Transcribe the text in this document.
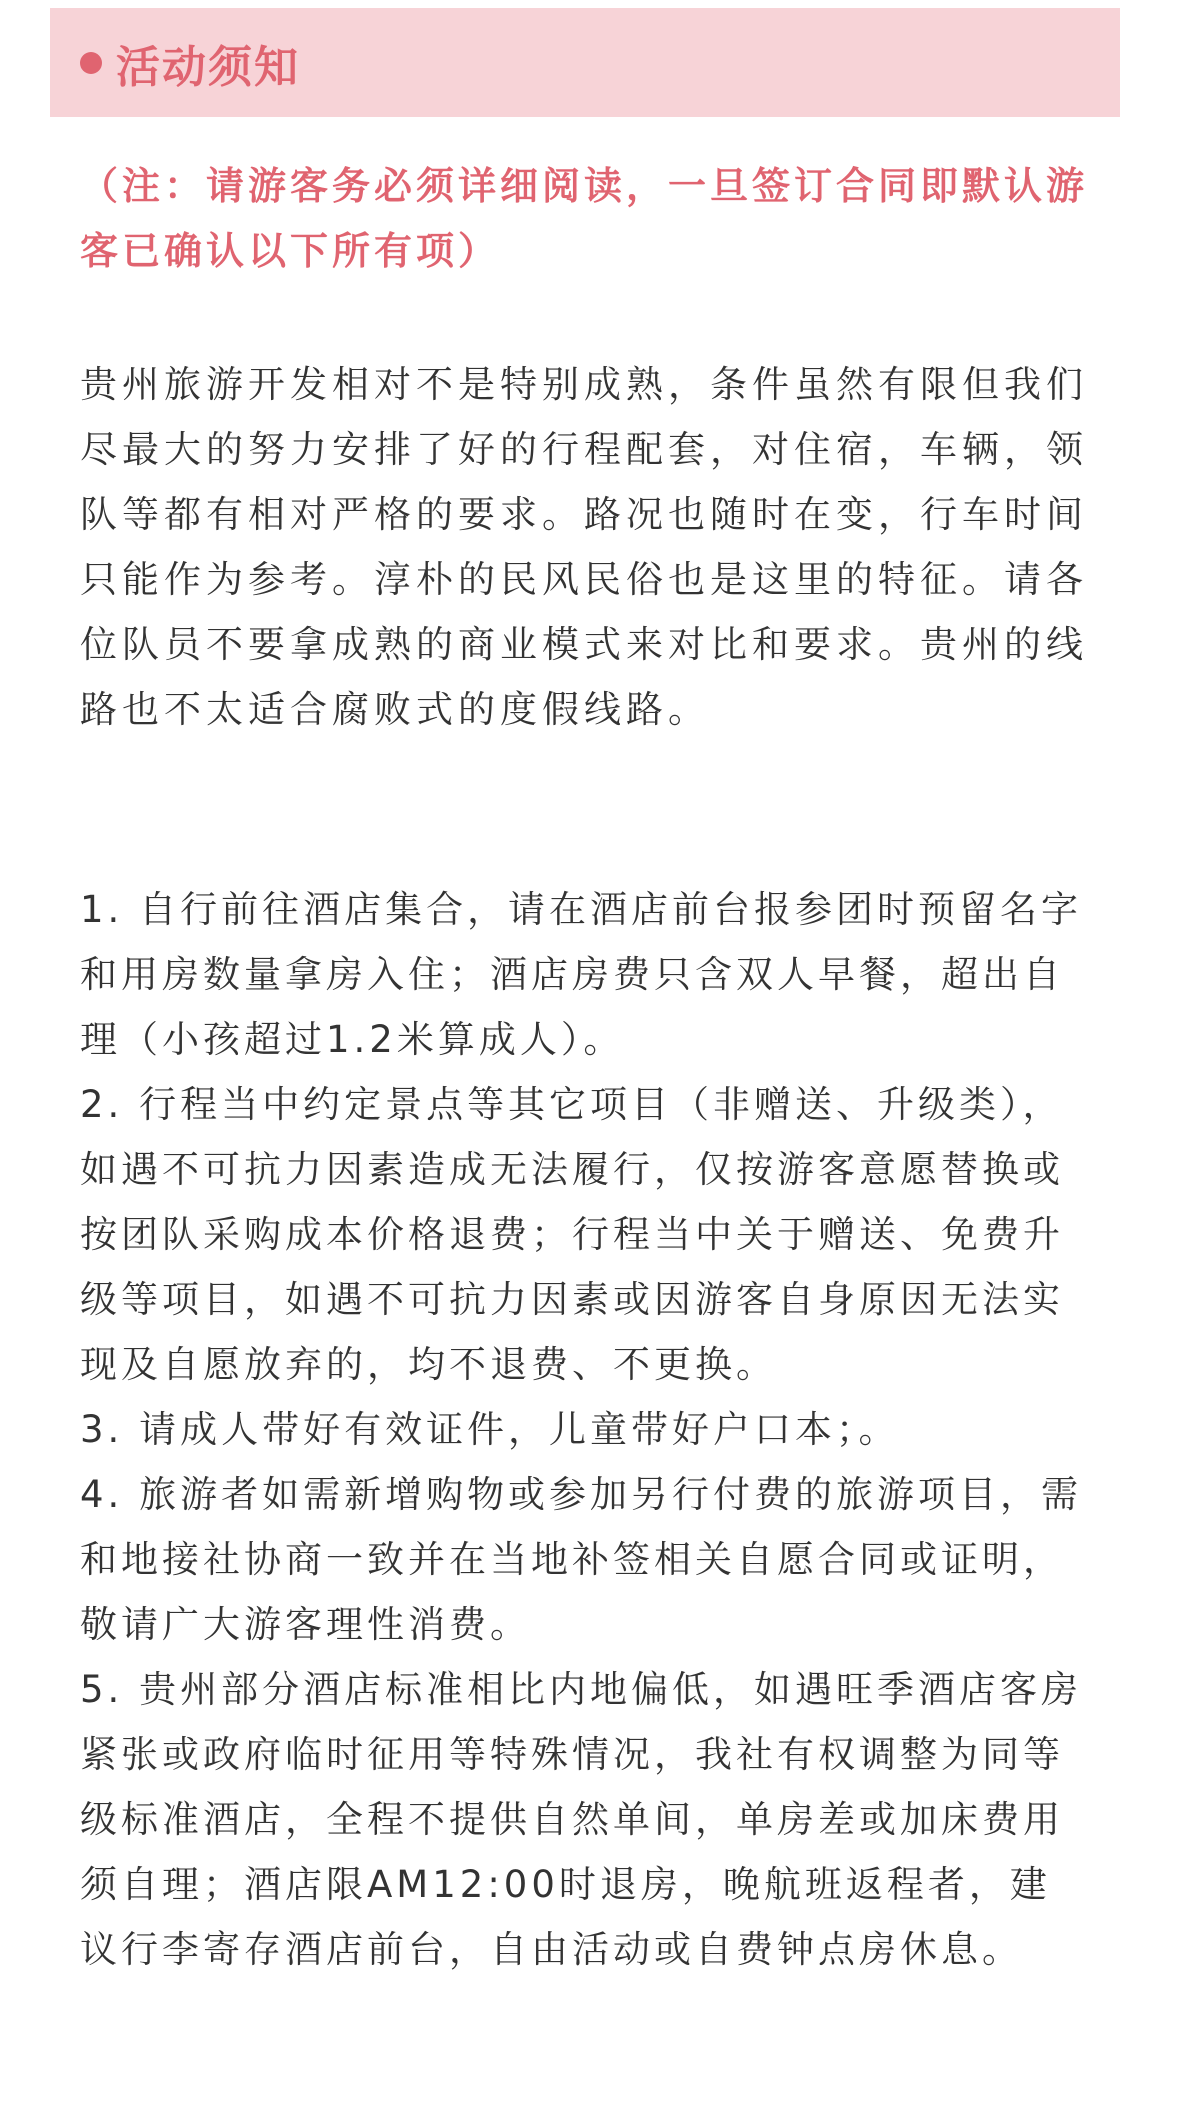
活动须知

（注：请游客务必须详细阅读，一旦签订合同即默认游客已确认以下所有项）

贵州旅游开发相对不是特别成熟，条件虽然有限但我们尽最大的努力安排了好的行程配套，对住宿，车辆，领队等都有相对严格的要求。路况也随时在变，行车时间只能作为参考。淳朴的民风民俗也是这里的特征。请各位队员不要拿成熟的商业模式来对比和要求。贵州的线路也不太适合腐败式的度假线路。

1. 自行前往酒店集合，请在酒店前台报参团时预留名字和用房数量拿房入住；酒店房费只含双人早餐，超出自理（小孩超过1.2米算成人）。
2. 行程当中约定景点等其它项目（非赠送、升级类），如遇不可抗力因素造成无法履行，仅按游客意愿替换或按团队采购成本价格退费；行程当中关于赠送、免费升级等项目，如遇不可抗力因素或因游客自身原因无法实现及自愿放弃的，均不退费、不更换。
3. 请成人带好有效证件，儿童带好户口本；。
4. 旅游者如需新增购物或参加另行付费的旅游项目，需和地接社协商一致并在当地补签相关自愿合同或证明，敬请广大游客理性消费。
5. 贵州部分酒店标准相比内地偏低，如遇旺季酒店客房紧张或政府临时征用等特殊情况，我社有权调整为同等级标准酒店，全程不提供自然单间，单房差或加床费用须自理；酒店限AM12:00时退房，晚航班返程者，建议行李寄存酒店前台，自由活动或自费钟点房休息。
